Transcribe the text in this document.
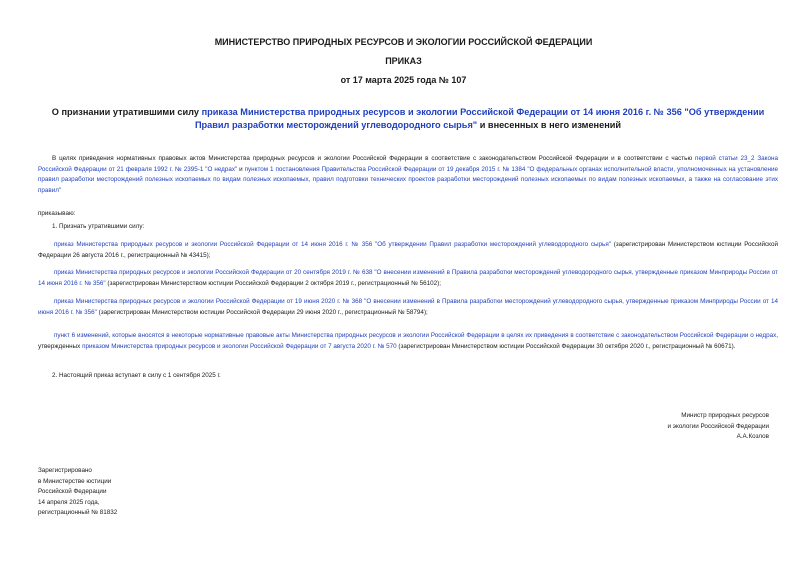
МИНИСТЕРСТВО ПРИРОДНЫХ РЕСУРСОВ И ЭКОЛОГИИ РОССИЙСКОЙ ФЕДЕРАЦИИ
ПРИКАЗ
от 17 марта 2025 года № 107
О признании утратившими силу приказа Министерства природных ресурсов и экологии Российской Федерации от 14 июня 2016 г. № 356 "Об утверждении Правил разработки месторождений углеводородного сырья" и внесенных в него изменений
В целях приведения нормативных правовых актов Министерства природных ресурсов и экологии Российской Федерации в соответствие с законодательством Российской Федерации и в соответствии с частью первой статьи 23_2 Закона Российской Федерации от 21 февраля 1992 г. № 2395-1 "О недрах" и пунктом 1 постановления Правительства Российской Федерации от 19 декабря 2015 г. № 1384 "О федеральных органах исполнительной власти, уполномоченных на установление правил разработки месторождений полезных ископаемых по видам полезных ископаемых, правил подготовки технических проектов разработки месторождений полезных ископаемых по видам полезных ископаемых, а также на согласование этих правил"
приказываю:
1. Признать утратившими силу:
приказ Министерства природных ресурсов и экологии Российской Федерации от 14 июня 2016 г. № 356 "Об утверждении Правил разработки месторождений углеводородного сырья" (зарегистрирован Министерством юстиции Российской Федерации 26 августа 2016 г., регистрационный № 43415);
приказ Министерства природных ресурсов и экологии Российской Федерации от 20 сентября 2019 г. № 638 "О внесении изменений в Правила разработки месторождений углеводородного сырья, утвержденные приказом Минприроды России от 14 июня 2016 г. № 356" (зарегистрирован Министерством юстиции Российской Федерации 2 октября 2019 г., регистрационный № 56102);
приказ Министерства природных ресурсов и экологии Российской Федерации от 19 июня 2020 г. № 368 "О внесении изменений в Правила разработки месторождений углеводородного сырья, утвержденные приказом Минприроды России от 14 июня 2016 г. № 356" (зарегистрирован Министерством юстиции Российской Федерации 29 июня 2020 г., регистрационный № 58794);
пункт 6 изменений, которые вносятся в некоторые нормативные правовые акты Министерства природных ресурсов и экологии Российской Федерации в целях их приведения в соответствие с законодательством Российской Федерации о недрах, утвержденных приказом Министерства природных ресурсов и экологии Российской Федерации от 7 августа 2020 г. № 570 (зарегистрирован Министерством юстиции Российской Федерации 30 октября 2020 г., регистрационный № 60671).
2. Настоящий приказ вступает в силу с 1 сентября 2025 г.
Министр природных ресурсов
и экологии Российской Федерации
А.А.Козлов
Зарегистрировано
в Министерстве юстиции
Российской Федерации
14 апреля 2025 года,
регистрационный № 81832
